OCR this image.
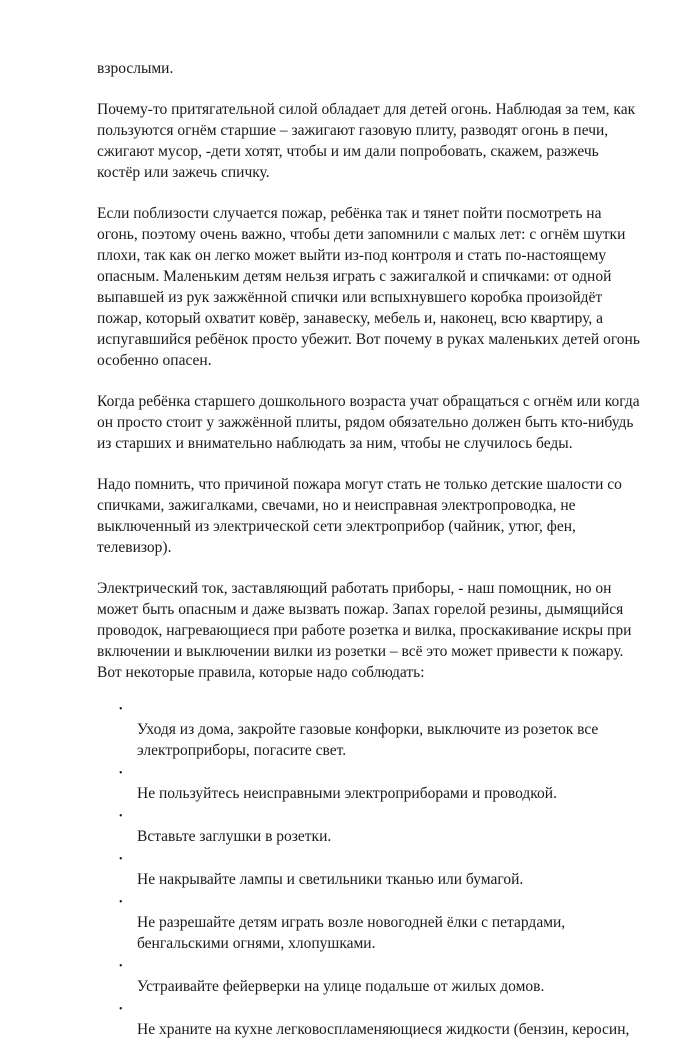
взрослыми.

Почему-то притягательной силой обладает для детей огонь. Наблюдая за тем, как пользуются огнём старшие – зажигают газовую плиту, разводят огонь в печи, сжигают мусор, -дети хотят, чтобы и им дали попробовать, скажем, разжечь костёр или зажечь спичку.

Если поблизости случается пожар, ребёнка так и тянет пойти посмотреть на огонь, поэтому очень важно, чтобы дети запомнили с малых лет: с огнём шутки плохи, так как он легко может выйти из-под контроля и стать по-настоящему опасным. Маленьким детям нельзя играть с зажигалкой и спичками: от одной выпавшей из рук зажжённой спички или вспыхнувшего коробка произойдёт пожар, который охватит ковёр, занавеску, мебель и, наконец, всю квартиру, а испугавшийся ребёнок просто убежит. Вот почему в руках маленьких детей огонь особенно опасен.

Когда ребёнка старшего дошкольного возраста учат обращаться с огнём или когда он просто стоит у зажжённой плиты, рядом обязательно должен быть кто-нибудь из старших и внимательно наблюдать за ним, чтобы не случилось беды.

Надо помнить, что причиной пожара могут стать не только детские шалости со спичками, зажигалками, свечами, но и неисправная электропроводка, не выключенный из электрической сети электроприбор (чайник, утюг, фен, телевизор).

Электрический ток, заставляющий работать приборы, - наш помощник, но он может быть опасным и даже вызвать пожар. Запах горелой резины, дымящийся проводок, нагревающиеся при работе розетка и вилка, проскакивание искры при включении и выключении вилки из розетки – всё это может привести к пожару. Вот некоторые правила, которые надо соблюдать:

•
Уходя из дома, закройте газовые конфорки, выключите из розеток все электроприборы, погасите свет.
•
Не пользуйтесь неисправными электроприборами и проводкой.
•
Вставьте заглушки в розетки.
•
Не накрывайте лампы и светильники тканью или бумагой.
•
Не разрешайте детям играть возле новогодней ёлки с петардами, бенгальскими огнями, хлопушками.
•
Устраивайте фейерверки на улице подальше от жилых домов.
•
Не храните на кухне легковоспламеняющиеся жидкости (бензин, керосин,
